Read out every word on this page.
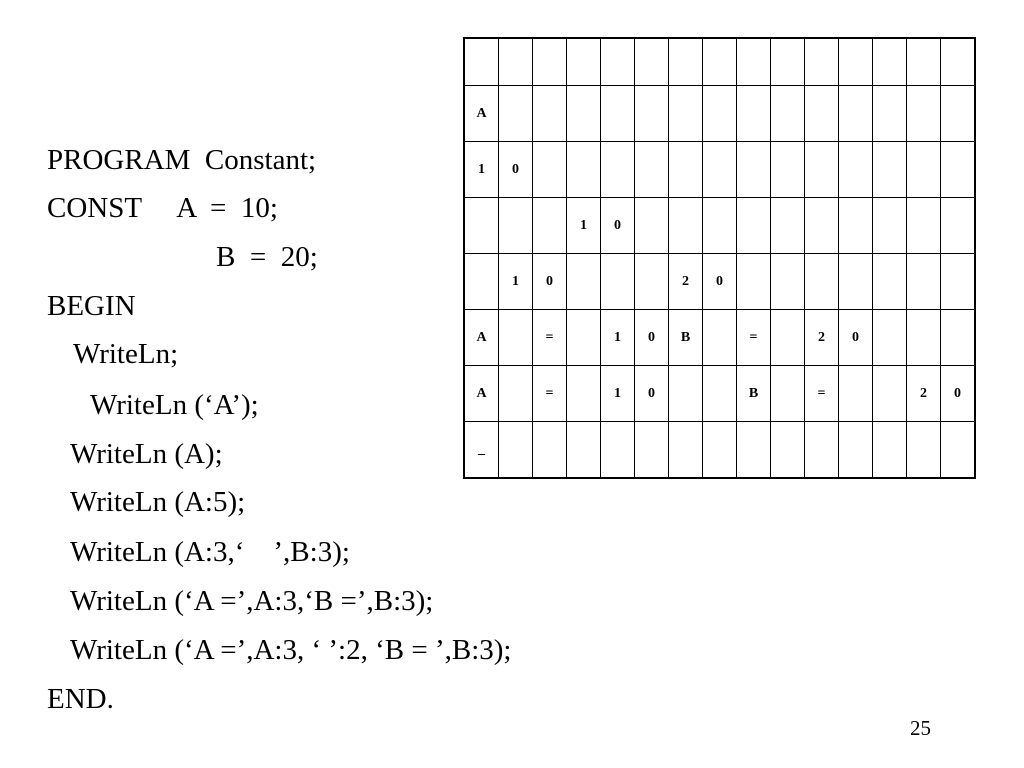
PROGRAM  Constant;
CONST     A  =  10;
B  =  20;
BEGIN
WriteLn;
WriteLn (‘A’);
WriteLn (A);
WriteLn (A:5);
WriteLn (A:3,‘    ’,B:3);
WriteLn (‘A =’,A:3,‘B =’,B:3);
WriteLn (‘A =’,A:3, ‘ ’:2, ‘B = ’,B:3);
END.

A														
1	0													
			1	0										
	1	0				2	0							
A		=		1	0	B		=		2	0			
A		=		1	0			B		=			2	0
_														
25
